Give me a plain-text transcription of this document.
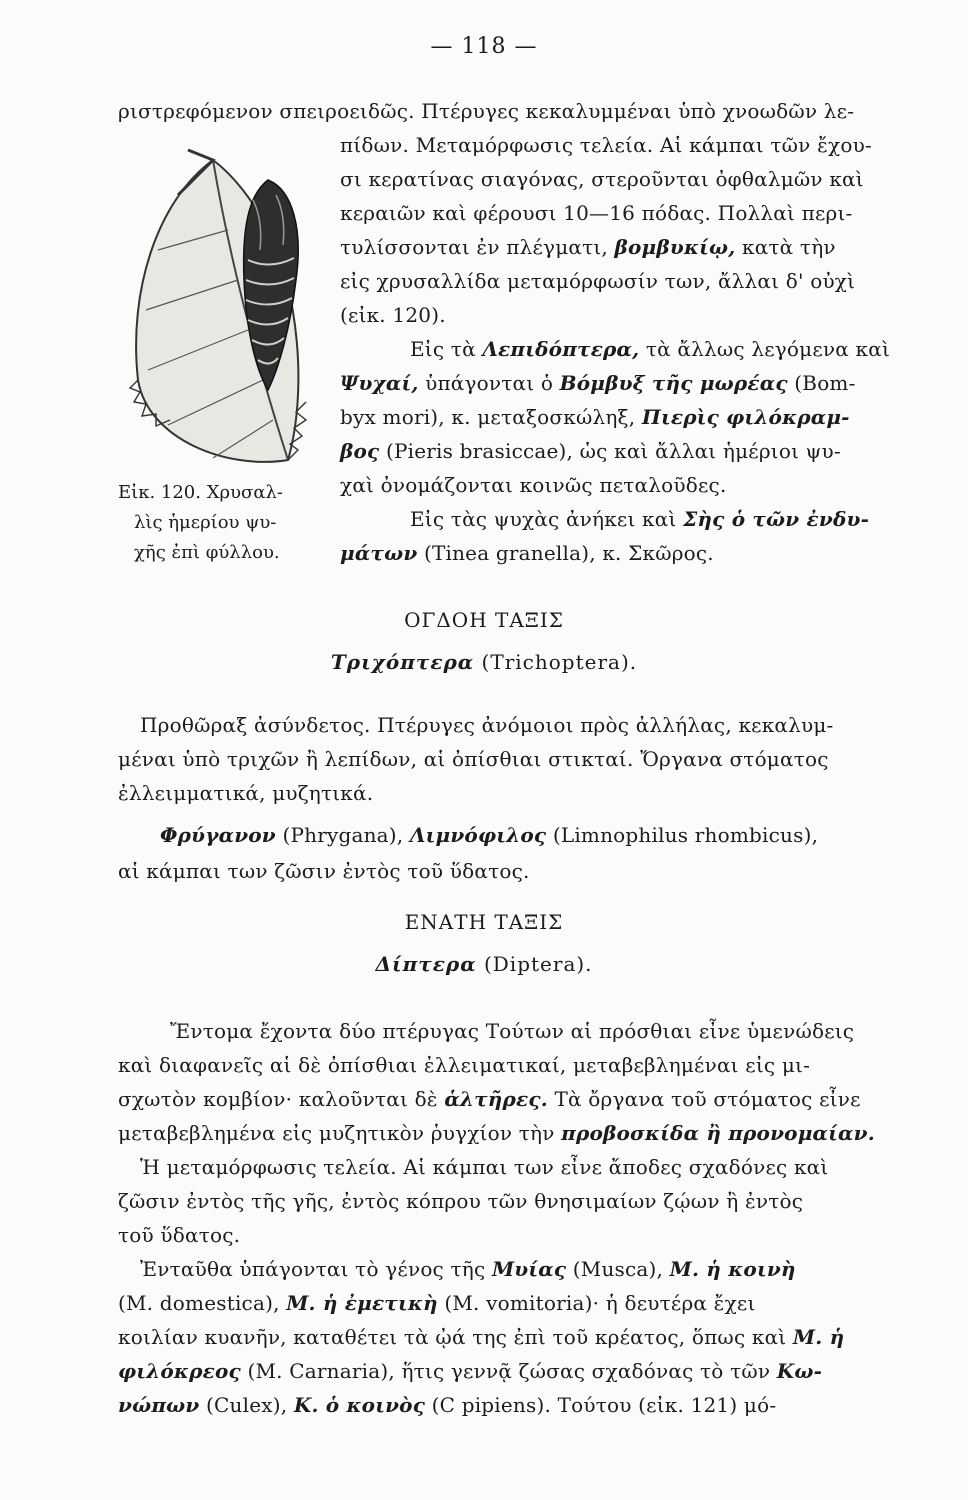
— 118 —
ριστρεφόμενον σπειροειδῶς. Πτέρυγες κεκαλυμμέναι ὑπὸ χνοωδῶν λε-
πίδων. Μεταμόρφωσις τελεία. Αἱ κάμπαι τῶν ἔχου-
σι κερατίνας σιαγόνας, στεροῦνται ὀφθαλμῶν καὶ
κεραιῶν καὶ φέρουσι 10—16 πόδας. Πολλαὶ περι-
τυλίσσονται ἐν πλέγματι, βομβυκίῳ, κατὰ τὴν
εἰς χρυσαλλίδα μεταμόρφωσίν των, ἄλλαι δ' οὐχὶ
(εἰκ. 120).
Εἰς τὰ Λεπιδόπτερα, τὰ ἄλλως λεγόμενα καὶ
Ψυχαί, ὑπάγονται ὁ Βόμβυξ τῆς μωρέας (Bom-
byx mori), κ. μεταξοσκώληξ, Πιερὶς φιλόκραμ-
βος (Pieris brasiccae), ὡς καὶ ἄλλαι ἡμέριοι ψυ-
χαὶ ὀνομάζονται κοινῶς πεταλοῦδες.
Εἰς τὰς ψυχὰς ἀνήκει καὶ Σὴς ὁ τῶν ἐνδυ-
μάτων (Tinea granella), κ. Σκῶρος.
Εἰκ. 120. Χρυσαλ-
λὶς ἡμερίου ψυ-
χῆς ἐπὶ φύλλου.
ΟΓΔΟΗ ΤΑΞΙΣ
Τριχόπτερα (Trichoptera).
Προθῶραξ ἀσύνδετος. Πτέρυγες ἀνόμοιοι πρὸς ἀλλήλας, κεκαλυμ-
μέναι ὑπὸ τριχῶν ἢ λεπίδων, αἱ ὀπίσθιαι στικταί. Ὄργανα στόματος
ἐλλειμματικά, μυζητικά.
Φρύγανον (Phrygana), Λιμνόφιλος (Limnophilus rhombicus),
αἱ κάμπαι των ζῶσιν ἐντὸς τοῦ ὕδατος.
ΕΝΑΤΗ ΤΑΞΙΣ
Δίπτερα (Diptera).
Ἔντομα ἔχοντα δύο πτέρυγας Τούτων αἱ πρόσθιαι εἶνε ὑμενώδεις
καὶ διαφανεῖς αἱ δὲ ὀπίσθιαι ἐλλειματικαί, μεταβεβλημέναι εἰς μι-
σχωτὸν κομβίον· καλοῦνται δὲ ἁλτῆρες. Τὰ ὄργανα τοῦ στόματος εἶνε
μεταβεβλημένα εἰς μυζητικὸν ῥυγχίον τὴν προβοσκίδα ἢ προνομαίαν.
Ἡ μεταμόρφωσις τελεία. Αἱ κάμπαι των εἶνε ἄποδες σχαδόνες καὶ
ζῶσιν ἐντὸς τῆς γῆς, ἐντὸς κόπρου τῶν θνησιμαίων ζῴων ἢ ἐντὸς
τοῦ ὕδατος.
Ἐνταῦθα ὑπάγονται τὸ γένος τῆς Μυίας (Musca), Μ. ἡ κοινὴ
(M. domestica), Μ. ἡ ἐμετικὴ (M. vomitoria)· ἡ δευτέρα ἔχει
κοιλίαν κυανῆν, καταθέτει τὰ ᾠά της ἐπὶ τοῦ κρέατος, ὅπως καὶ Μ. ἡ
φιλόκρεος (M. Carnaria), ἥτις γεννᾷ ζώσας σχαδόνας τὸ τῶν Κω-
νώπων (Culex), Κ. ὁ κοινὸς (C pipiens). Τούτου (εἰκ. 121) μό-
